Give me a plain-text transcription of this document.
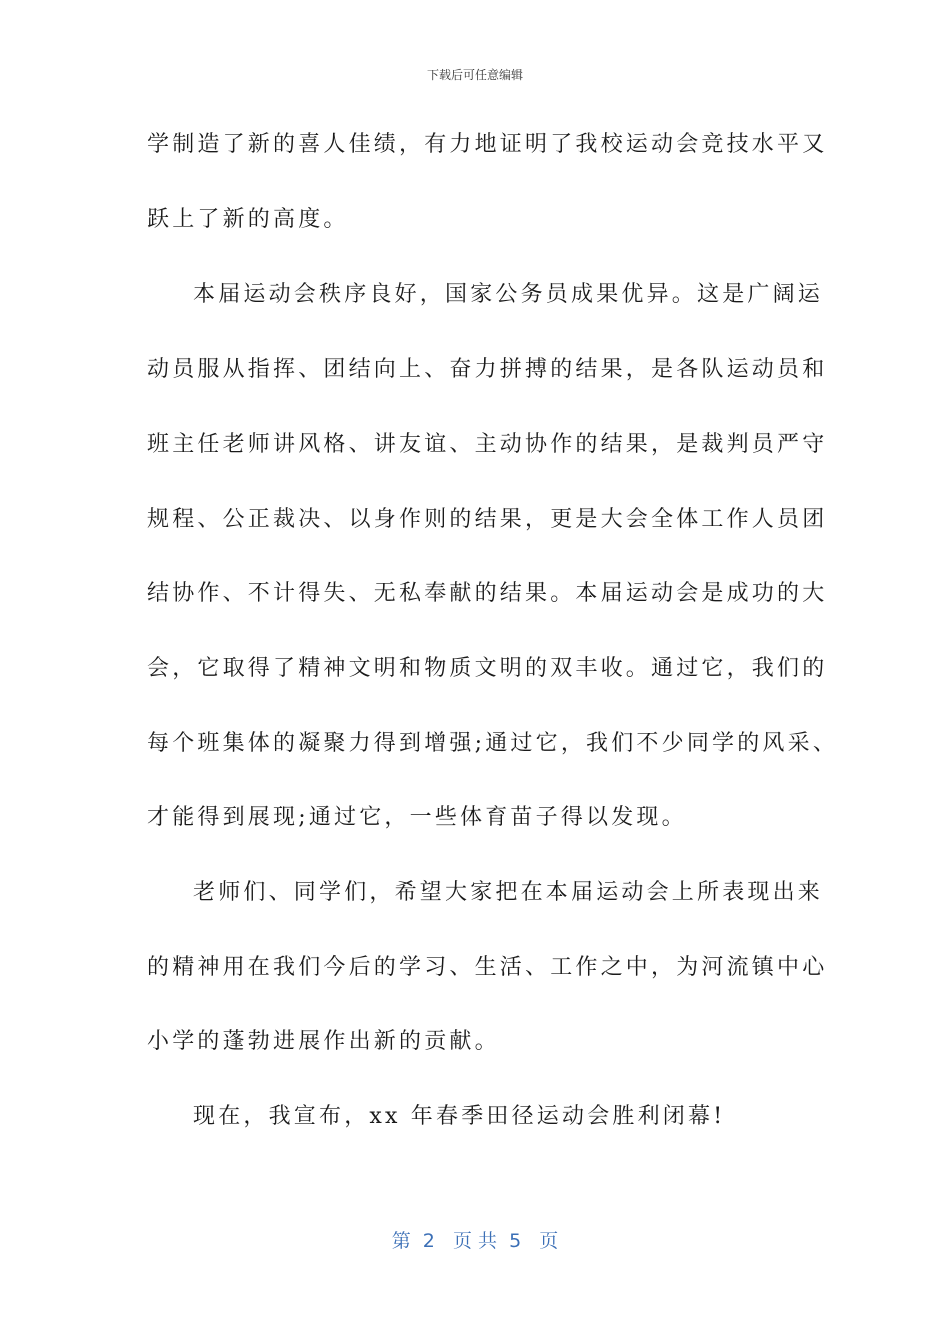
下载后可任意编辑
学制造了新的喜人佳绩，有力地证明了我校运动会竞技水平又
跃上了新的高度。
本届运动会秩序良好，国家公务员成果优异。这是广阔运
动员服从指挥、团结向上、奋力拼搏的结果，是各队运动员和
班主任老师讲风格、讲友谊、主动协作的结果，是裁判员严守
规程、公正裁决、以身作则的结果，更是大会全体工作人员团
结协作、不计得失、无私奉献的结果。本届运动会是成功的大
会，它取得了精神文明和物质文明的双丰收。通过它，我们的
每个班集体的凝聚力得到增强;通过它，我们不少同学的风采、
才能得到展现;通过它，一些体育苗子得以发现。
老师们、同学们，希望大家把在本届运动会上所表现出来
的精神用在我们今后的学习、生活、工作之中，为河流镇中心
小学的蓬勃进展作出新的贡献。
现在，我宣布，xx 年春季田径运动会胜利闭幕!
第  2   页 共  5   页
